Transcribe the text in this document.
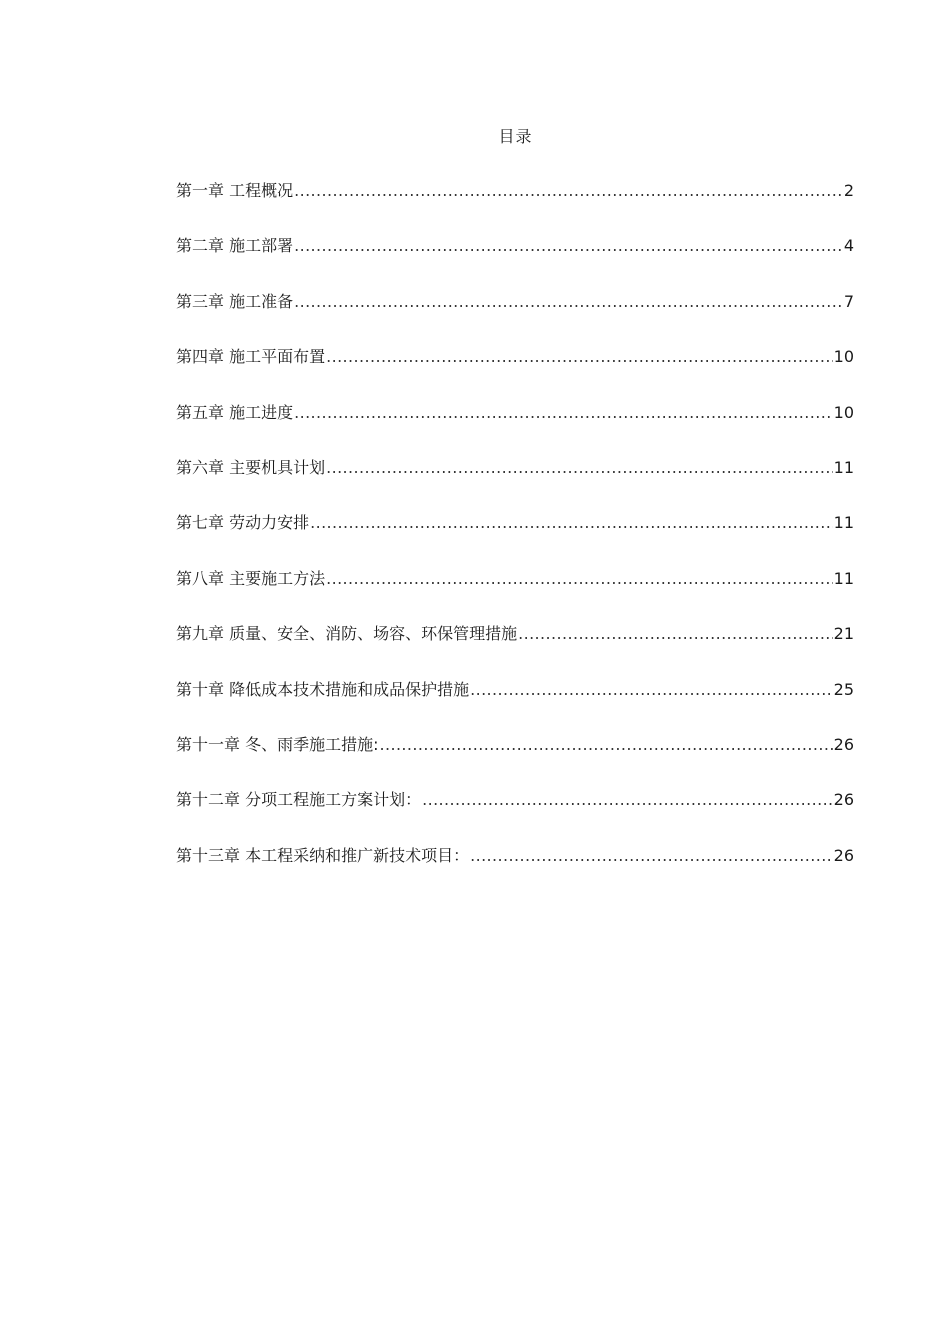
目录
第一章 工程概况 .....	2
第二章 施工部署 .....	4
第三章 施工准备 .....	7
第四章 施工平面布置 .....	10
第五章 施工进度 .....	10
第六章 主要机具计划 .....	11
第七章 劳动力安排 .....	11
第八章 主要施工方法 .....	11
第九章 质量、安全、消防、场容、环保管理措施 .....	21
第十章 降低成本技术措施和成品保护措施 .....	25
第十一章 冬、雨季施工措施: .....	26
第十二章 分项工程施工方案计划： .....	26
第十三章 本工程采纳和推广新技术项目： .....	26
